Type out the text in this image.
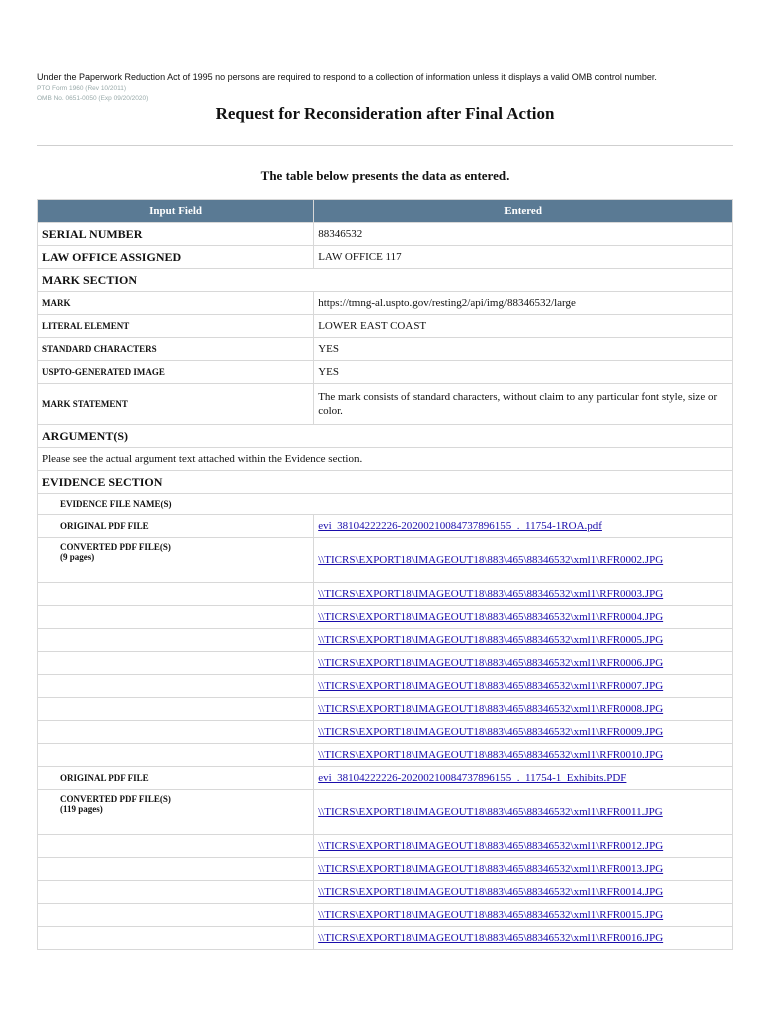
Under the Paperwork Reduction Act of 1995 no persons are required to respond to a collection of information unless it displays a valid OMB control number.
PTO Form 1960 (Rev 10/2011)
OMB No. 0651-0050 (Exp 09/20/2020)
Request for Reconsideration after Final Action
The table below presents the data as entered.
Input Field	Entered
SERIAL NUMBER	88346532
LAW OFFICE ASSIGNED	LAW OFFICE 117
MARK SECTION	
MARK	https://tmng-al.uspto.gov/resting2/api/img/88346532/large
LITERAL ELEMENT	LOWER EAST COAST
STANDARD CHARACTERS	YES
USPTO-GENERATED IMAGE	YES
MARK STATEMENT	The mark consists of standard characters, without claim to any particular font style, size or color.
ARGUMENT(S)	
Please see the actual argument text attached within the Evidence section.	
EVIDENCE SECTION	
EVIDENCE FILE NAME(S)	
ORIGINAL PDF FILE	evi_38104222226-20200210084737896155_._11754-1ROA.pdf
CONVERTED PDF FILE(S)
(9 pages)	\\TICRS\EXPORT18\IMAGEOUT18\883\465\88346532\xml1\RFR0002.JPG
	\\TICRS\EXPORT18\IMAGEOUT18\883\465\88346532\xml1\RFR0003.JPG
	\\TICRS\EXPORT18\IMAGEOUT18\883\465\88346532\xml1\RFR0004.JPG
	\\TICRS\EXPORT18\IMAGEOUT18\883\465\88346532\xml1\RFR0005.JPG
	\\TICRS\EXPORT18\IMAGEOUT18\883\465\88346532\xml1\RFR0006.JPG
	\\TICRS\EXPORT18\IMAGEOUT18\883\465\88346532\xml1\RFR0007.JPG
	\\TICRS\EXPORT18\IMAGEOUT18\883\465\88346532\xml1\RFR0008.JPG
	\\TICRS\EXPORT18\IMAGEOUT18\883\465\88346532\xml1\RFR0009.JPG
	\\TICRS\EXPORT18\IMAGEOUT18\883\465\88346532\xml1\RFR0010.JPG
ORIGINAL PDF FILE	evi_38104222226-20200210084737896155_._11754-1_Exhibits.PDF
CONVERTED PDF FILE(S)
(119 pages)	\\TICRS\EXPORT18\IMAGEOUT18\883\465\88346532\xml1\RFR0011.JPG
	\\TICRS\EXPORT18\IMAGEOUT18\883\465\88346532\xml1\RFR0012.JPG
	\\TICRS\EXPORT18\IMAGEOUT18\883\465\88346532\xml1\RFR0013.JPG
	\\TICRS\EXPORT18\IMAGEOUT18\883\465\88346532\xml1\RFR0014.JPG
	\\TICRS\EXPORT18\IMAGEOUT18\883\465\88346532\xml1\RFR0015.JPG
	\\TICRS\EXPORT18\IMAGEOUT18\883\465\88346532\xml1\RFR0016.JPG
